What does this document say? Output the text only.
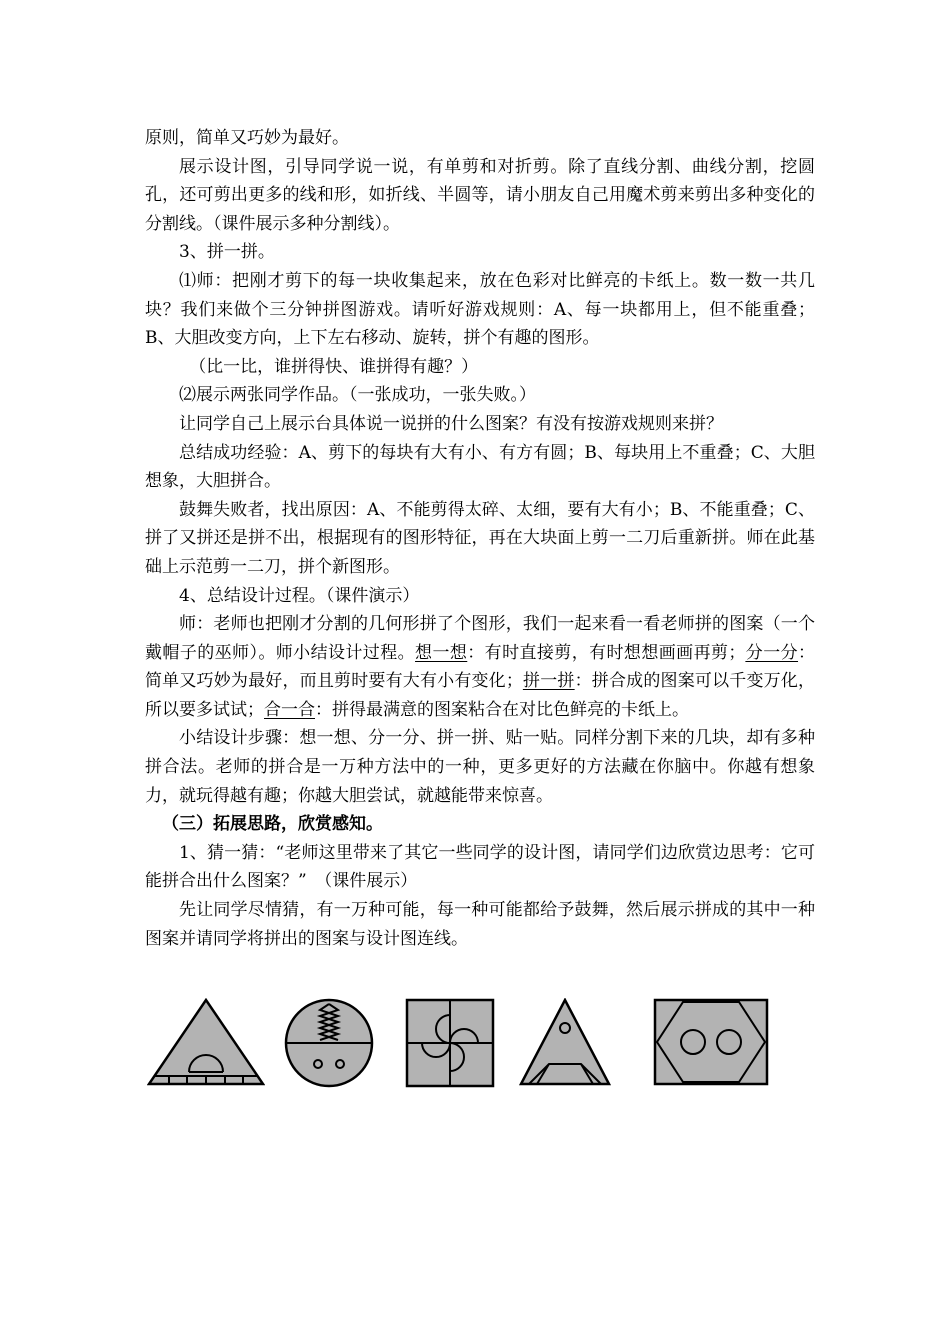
原则，简单又巧妙为最好。

展示设计图，引导同学说一说，有单剪和对折剪。除了直线分割、曲线分割，挖圆孔，还可剪出更多的线和形，如折线、半圆等，请小朋友自己用魔术剪来剪出多种变化的分割线。（课件展示多种分割线）。

3、拼一拼。

⑴师：把刚才剪下的每一块收集起来，放在色彩对比鲜亮的卡纸上。数一数一共几块？我们来做个三分钟拼图游戏。请听好游戏规则：A、每一块都用上，但不能重叠；B、大胆改变方向，上下左右移动、旋转，拼个有趣的图形。

（比一比，谁拼得快、谁拼得有趣？）

⑵展示两张同学作品。（一张成功，一张失败。）

让同学自己上展示台具体说一说拼的什么图案？有没有按游戏规则来拼？

总结成功经验：A、剪下的每块有大有小、有方有圆；B、每块用上不重叠；C、大胆想象，大胆拼合。

鼓舞失败者，找出原因：A、不能剪得太碎、太细，要有大有小；B、不能重叠；C、拼了又拼还是拼不出，根据现有的图形特征，再在大块面上剪一二刀后重新拼。师在此基础上示范剪一二刀，拼个新图形。

4、总结设计过程。（课件演示）

师：老师也把刚才分割的几何形拼了个图形，我们一起来看一看老师拼的图案（一个戴帽子的巫师）。师小结设计过程。想一想：有时直接剪，有时想想画画再剪；分一分：简单又巧妙为最好，而且剪时要有大有小有变化；拼一拼：拼合成的图案可以千变万化，所以要多试试；合一合：拼得最满意的图案粘合在对比色鲜亮的卡纸上。

小结设计步骤：想一想、分一分、拼一拼、贴一贴。同样分割下来的几块，却有多种拼合法。老师的拼合是一万种方法中的一种，更多更好的方法藏在你脑中。你越有想象力，就玩得越有趣；你越大胆尝试，就越能带来惊喜。

（三）拓展思路，欣赏感知。

1、猜一猜：“老师这里带来了其它一些同学的设计图，请同学们边欣赏边思考：它可能拼合出什么图案？”　（课件展示）

先让同学尽情猜，有一万种可能，每一种可能都给予鼓舞，然后展示拼成的其中一种图案并请同学将拼出的图案与设计图连线。
